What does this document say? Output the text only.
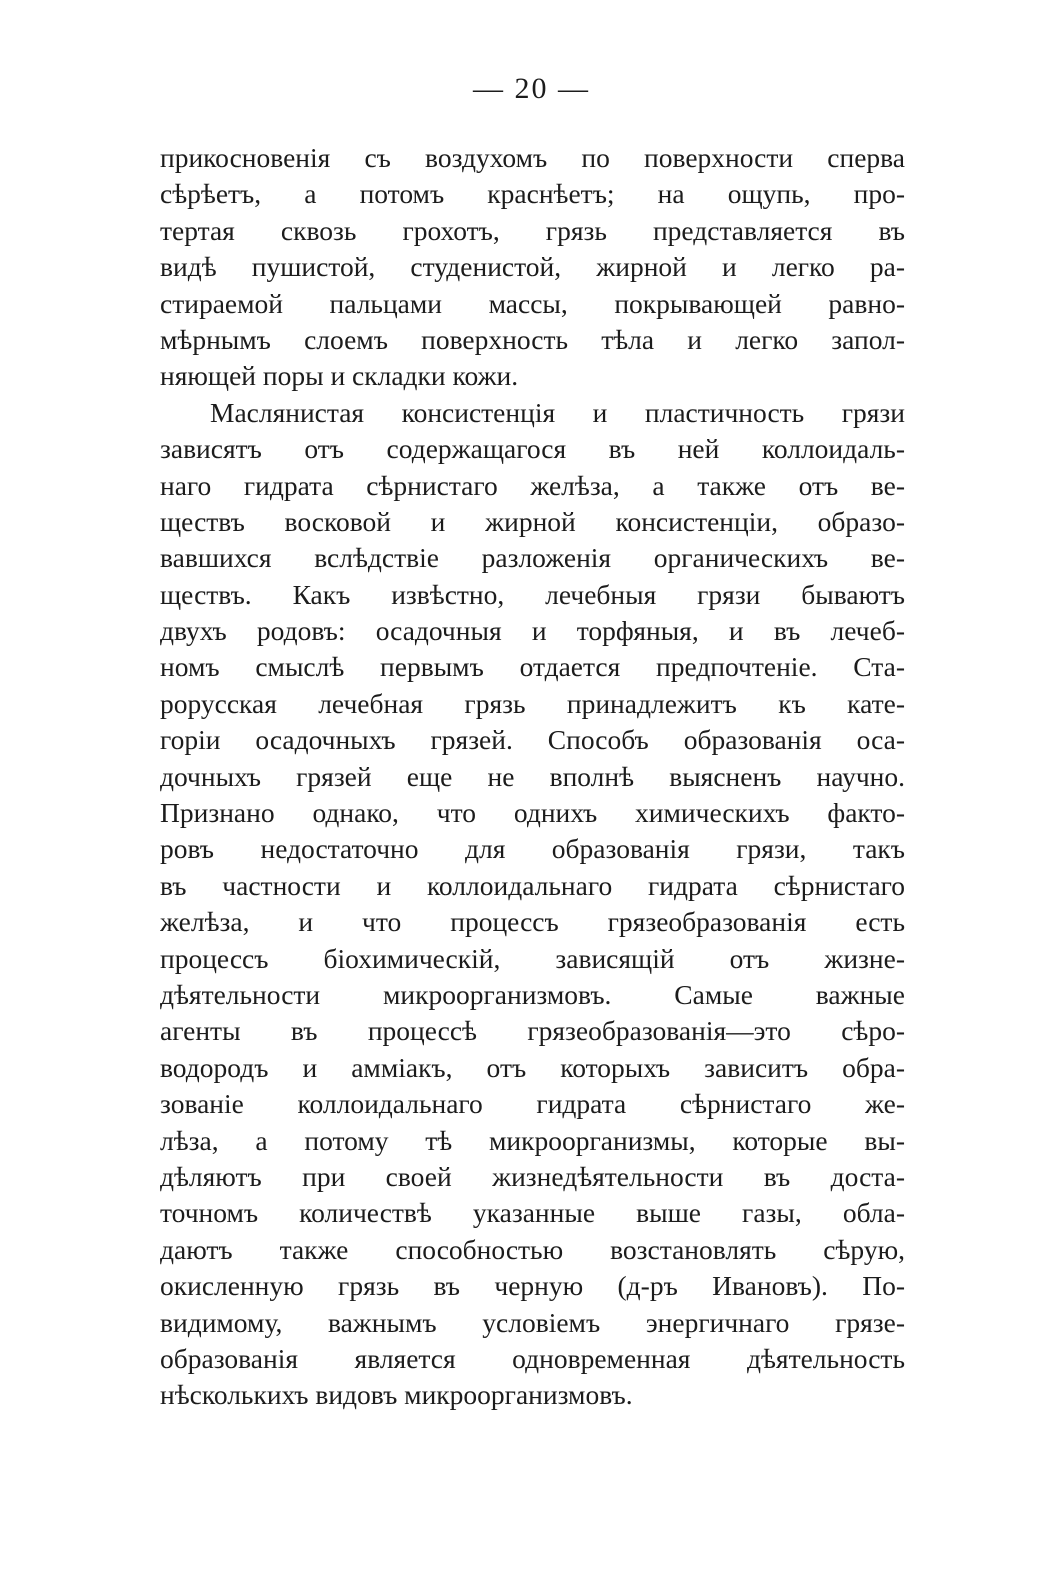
— 20 —
прикосновенія съ воздухомъ по поверхности сперва
сѣрѣетъ, а потомъ краснѣетъ; на ощупь, про-
тертая сквозь грохотъ, грязь представляется въ
видѣ пушистой, студенистой, жирной и легко ра-
стираемой пальцами массы, покрывающей равно-
мѣрнымъ слоемъ поверхность тѣла и легко запол-
няющей поры и складки кожи.
Маслянистая консистенція и пластичность грязи
зависятъ отъ содержащагося въ ней коллоидаль-
наго гидрата сѣрнистаго желѣза, а также отъ ве-
ществъ восковой и жирной консистенціи, образо-
вавшихся вслѣдствіе разложенія органическихъ ве-
ществъ. Какъ извѣстно, лечебныя грязи бываютъ
двухъ родовъ: осадочныя и торфяныя, и въ лечеб-
номъ смыслѣ первымъ отдается предпочтеніе. Ста-
рорусская лечебная грязь принадлежитъ къ кате-
горіи осадочныхъ грязей. Способъ образованія оса-
дочныхъ грязей еще не вполнѣ выясненъ научно.
Признано однако, что однихъ химическихъ факто-
ровъ недостаточно для образованія грязи, такъ
въ частности и коллоидальнаго гидрата сѣрнистаго
желѣза, и что процессъ грязеобразованія есть
процессъ біохимическій, зависящій отъ жизне-
дѣятельности микроорганизмовъ. Самые важные
агенты въ процессѣ грязеобразованія—это сѣро-
водородъ и амміакъ, отъ которыхъ зависитъ обра-
зованіе коллоидальнаго гидрата сѣрнистаго же-
лѣза, а потому тѣ микроорганизмы, которые вы-
дѣляютъ при своей жизнедѣятельности въ доста-
точномъ количествѣ указанные выше газы, обла-
даютъ также способностью возстановлять сѣрую,
окисленную грязь въ черную (д-ръ Ивановъ). По-
видимому, важнымъ условіемъ энергичнаго грязе-
образованія является одновременная дѣятельность
нѣсколькихъ видовъ микроорганизмовъ.
